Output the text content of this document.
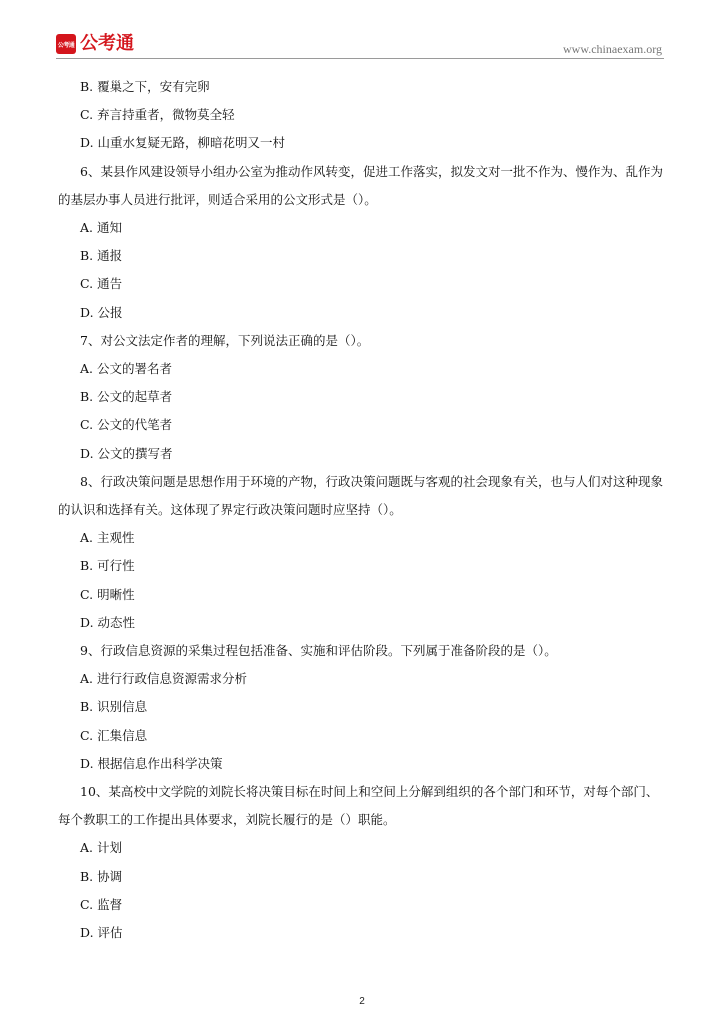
公考通 公考通	www.chinaexam.org
B. 覆巢之下，安有完卵
C. 弃言持重者，微物莫全轻
D. 山重水复疑无路，柳暗花明又一村
6、某县作风建设领导小组办公室为推动作风转变，促进工作落实，拟发文对一批不作为、慢作为、乱作为
的基层办事人员进行批评，则适合采用的公文形式是（）。
A. 通知
B. 通报
C. 通告
D. 公报
7、对公文法定作者的理解，下列说法正确的是（）。
A. 公文的署名者
B. 公文的起草者
C. 公文的代笔者
D. 公文的撰写者
8、行政决策问题是思想作用于环境的产物，行政决策问题既与客观的社会现象有关，也与人们对这种现象
的认识和选择有关。这体现了界定行政决策问题时应坚持（）。
A. 主观性
B. 可行性
C. 明晰性
D. 动态性
9、行政信息资源的采集过程包括准备、实施和评估阶段。下列属于准备阶段的是（）。
A. 进行行政信息资源需求分析
B. 识别信息
C. 汇集信息
D. 根据信息作出科学决策
10、某高校中文学院的刘院长将决策目标在时间上和空间上分解到组织的各个部门和环节，对每个部门、
每个教职工的工作提出具体要求，刘院长履行的是（）职能。
A. 计划
B. 协调
C. 监督
D. 评估
2
